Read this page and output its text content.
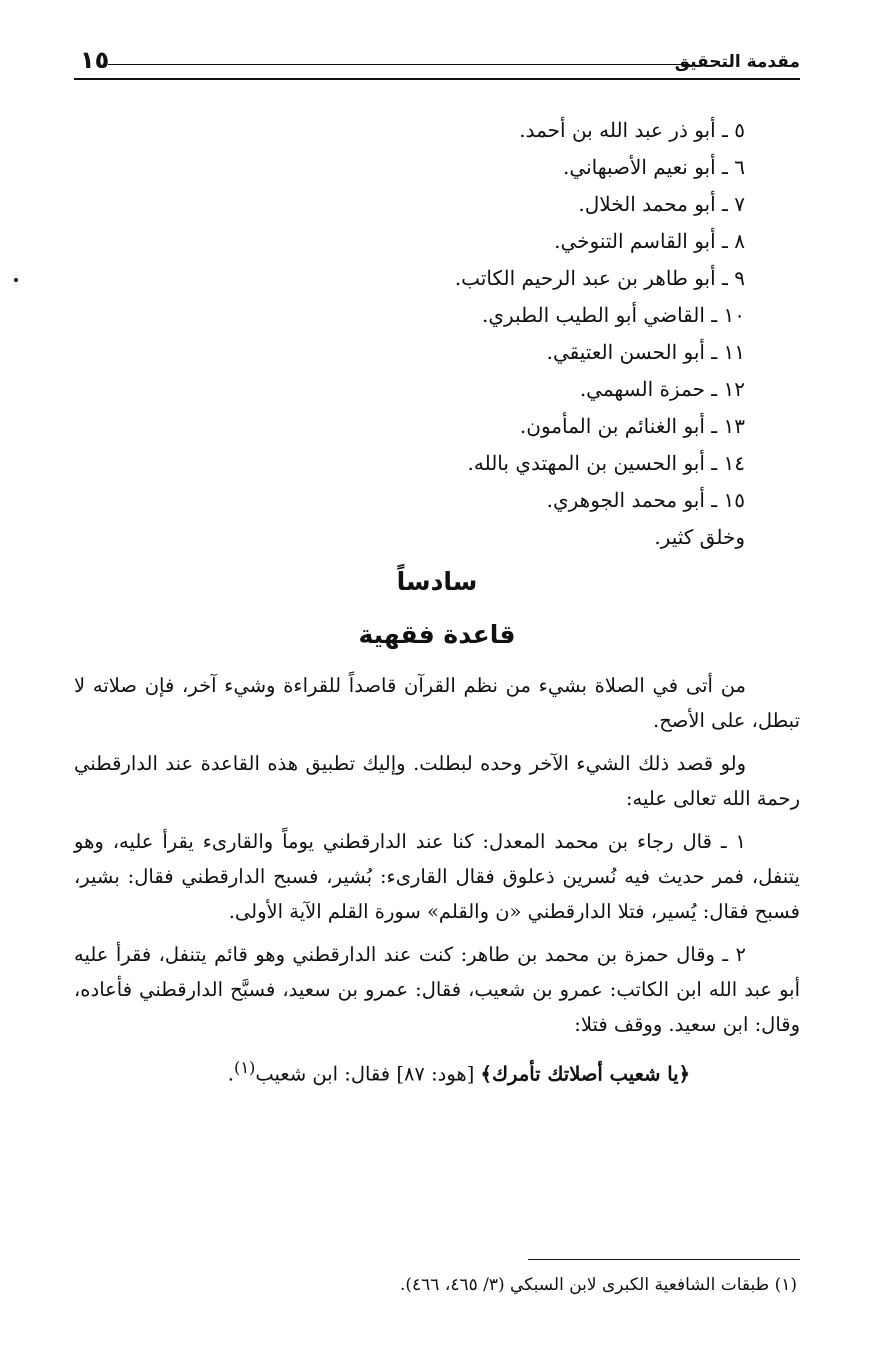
١٥	مقدمة التحقيق
٥ ـ أبو ذر عبد الله بن أحمد.
٦ ـ أبو نعيم الأصبهاني.
٧ ـ أبو محمد الخلال.
٨ ـ أبو القاسم التنوخي.
٩ ـ أبو طاهر بن عبد الرحيم الكاتب.
١٠ ـ القاضي أبو الطيب الطبري.
١١ ـ أبو الحسن العتيقي.
١٢ ـ حمزة السهمي.
١٣ ـ أبو الغنائم بن المأمون.
١٤ ـ أبو الحسين بن المهتدي بالله.
١٥ ـ أبو محمد الجوهري.
وخلق كثير.
سادساً
قاعدة فقهية

من أتى في الصلاة بشيء من نظم القرآن قاصداً للقراءة وشيء آخر، فإن صلاته لا تبطل، على الأصح.

ولو قصد ذلك الشيء الآخر وحده لبطلت. وإليك تطبيق هذه القاعدة عند الدارقطني رحمة الله تعالى عليه:

١ ـ قال رجاء بن محمد المعدل: كنا عند الدارقطني يوماً والقارىء يقرأ عليه، وهو يتنفل، فمر حديث فيه نُسرين ذعلوق فقال القارىء: بُشير، فسبح الدارقطني فقال: بشير، فسبح فقال: يُسير، فتلا الدارقطني «ن والقلم» سورة القلم الآية الأولى.

٢ ـ وقال حمزة بن محمد بن طاهر: كنت عند الدارقطني وهو قائم يتنفل، فقرأ عليه أبو عبد الله ابن الكاتب: عمرو بن شعيب، فقال: عمرو بن سعيد، فسبَّح الدارقطني فأعاده، وقال: ابن سعيد. ووقف فتلا:

﴿يا شعيب أصلاتك تأمرك﴾ [هود: ٨٧] فقال: ابن شعيب$^{(١)}$.

(١) طبقات الشافعية الكبرى لابن السبكي (٣/ ٤٦٥، ٤٦٦).
